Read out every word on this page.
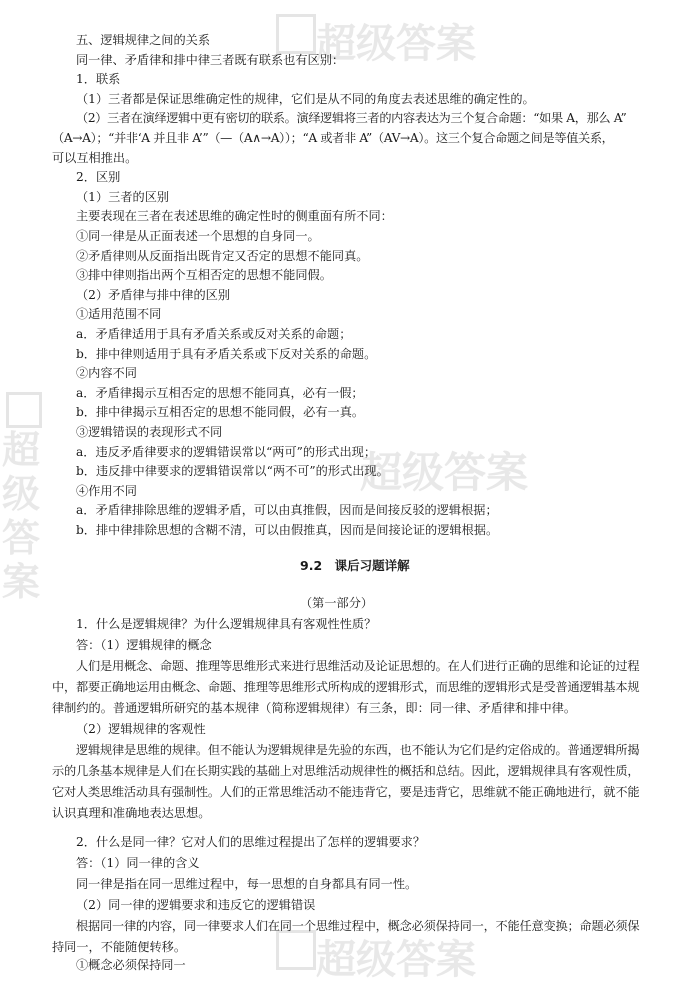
超级答案
超级答案
超级答案
超级答案
9.2　课后习题详解
（第一部分）
1．什么是逻辑规律？为什么逻辑规律具有客观性性质？
答：（1）逻辑规律的概念
人们是用概念、命题、推理等思维形式来进行思维活动及论证思想的。在人们进行正确的思维和论证的过程
中，都要正确地运用由概念、命题、推理等思维形式所构成的逻辑形式，而思维的逻辑形式是受普通逻辑基本规
律制约的。普通逻辑所研究的基本规律（简称逻辑规律）有三条，即：同一律、矛盾律和排中律。
（2）逻辑规律的客观性
逻辑规律是思维的规律。但不能认为逻辑规律是先验的东西，也不能认为它们是约定俗成的。普通逻辑所揭
示的几条基本规律是人们在长期实践的基础上对思维活动规律性的概括和总结。因此，逻辑规律具有客观性质，
它对人类思维活动具有强制性。人们的正常思维活动不能违背它，要是违背它，思维就不能正确地进行，就不能
认识真理和准确地表达思想。
2．什么是同一律？它对人们的思维过程提出了怎样的逻辑要求？
答：（1）同一律的含义
同一律是指在同一思维过程中，每一思想的自身都具有同一性。
（2）同一律的逻辑要求和违反它的逻辑错误
根据同一律的内容，同一律要求人们在同一个思维过程中，概念必须保持同一，不能任意变换；命题必须保
持同一，不能随便转移。
①概念必须保持同一
五、逻辑规律之间的关系
同一律、矛盾律和排中律三者既有联系也有区别：
1．联系
（1）三者都是保证思维确定性的规律，它们是从不同的角度去表述思维的确定性的。
（2）三者在演绎逻辑中更有密切的联系。演绎逻辑将三者的内容表达为三个复合命题：“如果 A，那么 A”
（A→A）；“并非‘A 并且非 A’”（—（A∧→A））；“A 或者非 A”（AV→A）。这三个复合命题之间是等值关系，
可以互相推出。
2．区别
（1）三者的区别
主要表现在三者在表述思维的确定性时的侧重面有所不同：
①同一律是从正面表述一个思想的自身同一。
②矛盾律则从反面指出既肯定又否定的思想不能同真。
③排中律则指出两个互相否定的思想不能同假。
（2）矛盾律与排中律的区别
①适用范围不同
a．矛盾律适用于具有矛盾关系或反对关系的命题；
b．排中律则适用于具有矛盾关系或下反对关系的命题。
②内容不同
a．矛盾律揭示互相否定的思想不能同真，必有一假；
b．排中律揭示互相否定的思想不能同假，必有一真。
③逻辑错误的表现形式不同
a．违反矛盾律要求的逻辑错误常以“两可”的形式出现；
b．违反排中律要求的逻辑错误常以“两不可”的形式出现。
④作用不同
a．矛盾律排除思维的逻辑矛盾，可以由真推假，因而是间接反驳的逻辑根据；
b．排中律排除思想的含糊不清，可以由假推真，因而是间接论证的逻辑根据。
